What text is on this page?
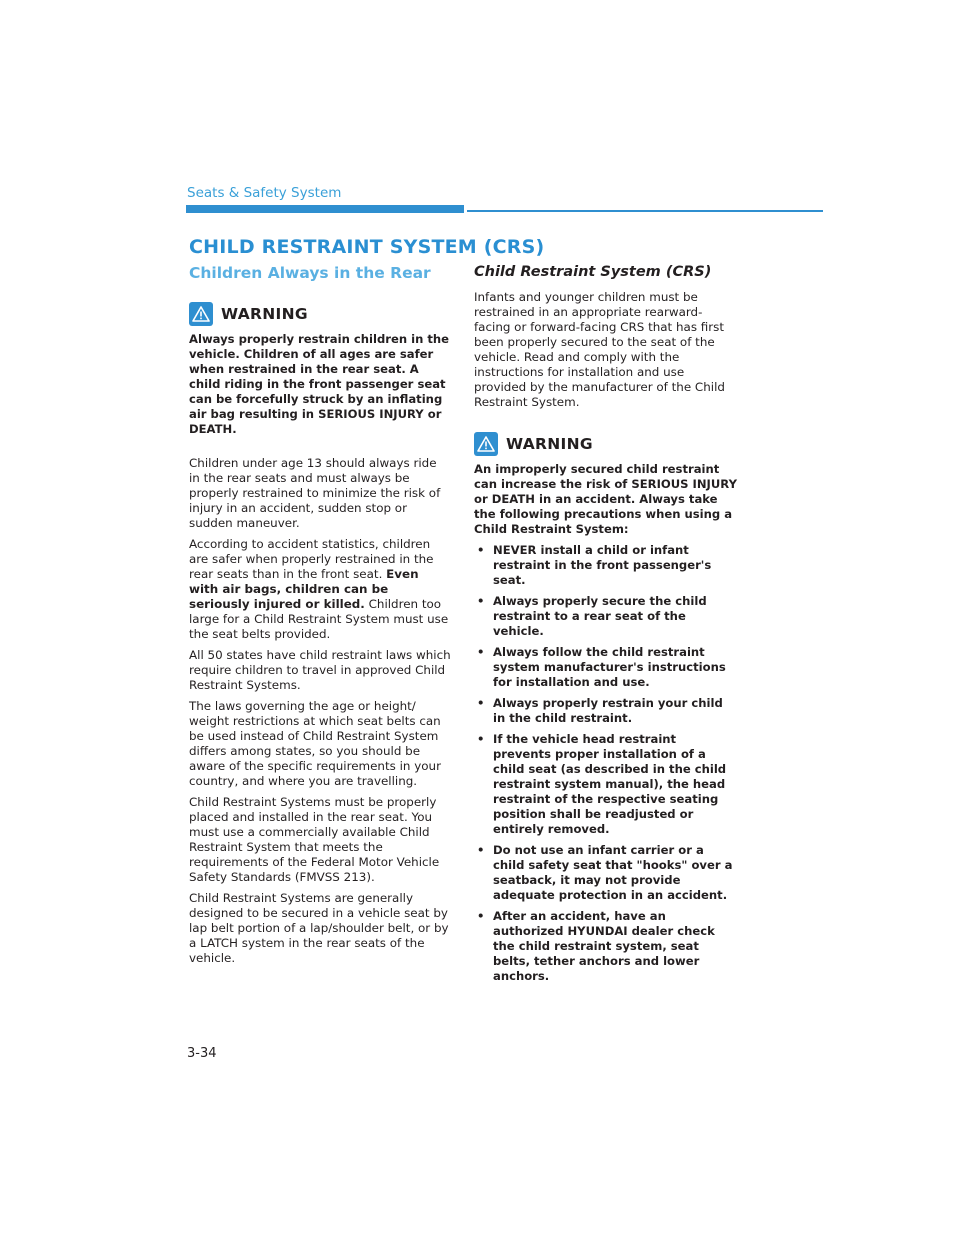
Seats & Safety System
CHILD RESTRAINT SYSTEM (CRS)
Children Always in the Rear
WARNING

Always properly restrain children in the vehicle. Children of all ages are safer when restrained in the rear seat. A child riding in the front passenger seat can be forcefully struck by an inflating air bag resulting in SERIOUS INJURY or DEATH.

Children under age 13 should always ride in the rear seats and must always be properly restrained to minimize the risk of injury in an accident, sudden stop or sudden maneuver.

According to accident statistics, children are safer when properly restrained in the rear seats than in the front seat. Even with air bags, children can be seriously injured or killed. Children too large for a Child Restraint System must use the seat belts provided.

All 50 states have child restraint laws which require children to travel in approved Child Restraint Systems.

The laws governing the age or height/ weight restrictions at which seat belts can be used instead of Child Restraint System differs among states, so you should be aware of the specific requirements in your country, and where you are travelling.

Child Restraint Systems must be properly placed and installed in the rear seat. You must use a commercially available Child Restraint System that meets the requirements of the Federal Motor Vehicle Safety Standards (FMVSS 213).

Child Restraint Systems are generally designed to be secured in a vehicle seat by lap belt portion of a lap/shoulder belt, or by a LATCH system in the rear seats of the vehicle.

Child Restraint System (CRS)

Infants and younger children must be restrained in an appropriate rearward-facing or forward-facing CRS that has first been properly secured to the seat of the vehicle. Read and comply with the instructions for installation and use provided by the manufacturer of the Child Restraint System.

WARNING

An improperly secured child restraint can increase the risk of SERIOUS INJURY or DEATH in an accident. Always take the following precautions when using a Child Restraint System:

• NEVER install a child or infant restraint in the front passenger's seat.
• Always properly secure the child restraint to a rear seat of the vehicle.
• Always follow the child restraint system manufacturer's instructions for installation and use.
• Always properly restrain your child in the child restraint.
• If the vehicle head restraint prevents proper installation of a child seat (as described in the child restraint system manual), the head restraint of the respective seating position shall be readjusted or entirely removed.
• Do not use an infant carrier or a child safety seat that "hooks" over a seatback, it may not provide adequate protection in an accident.
• After an accident, have an authorized HYUNDAI dealer check the child restraint system, seat belts, tether anchors and lower anchors.
3-34
